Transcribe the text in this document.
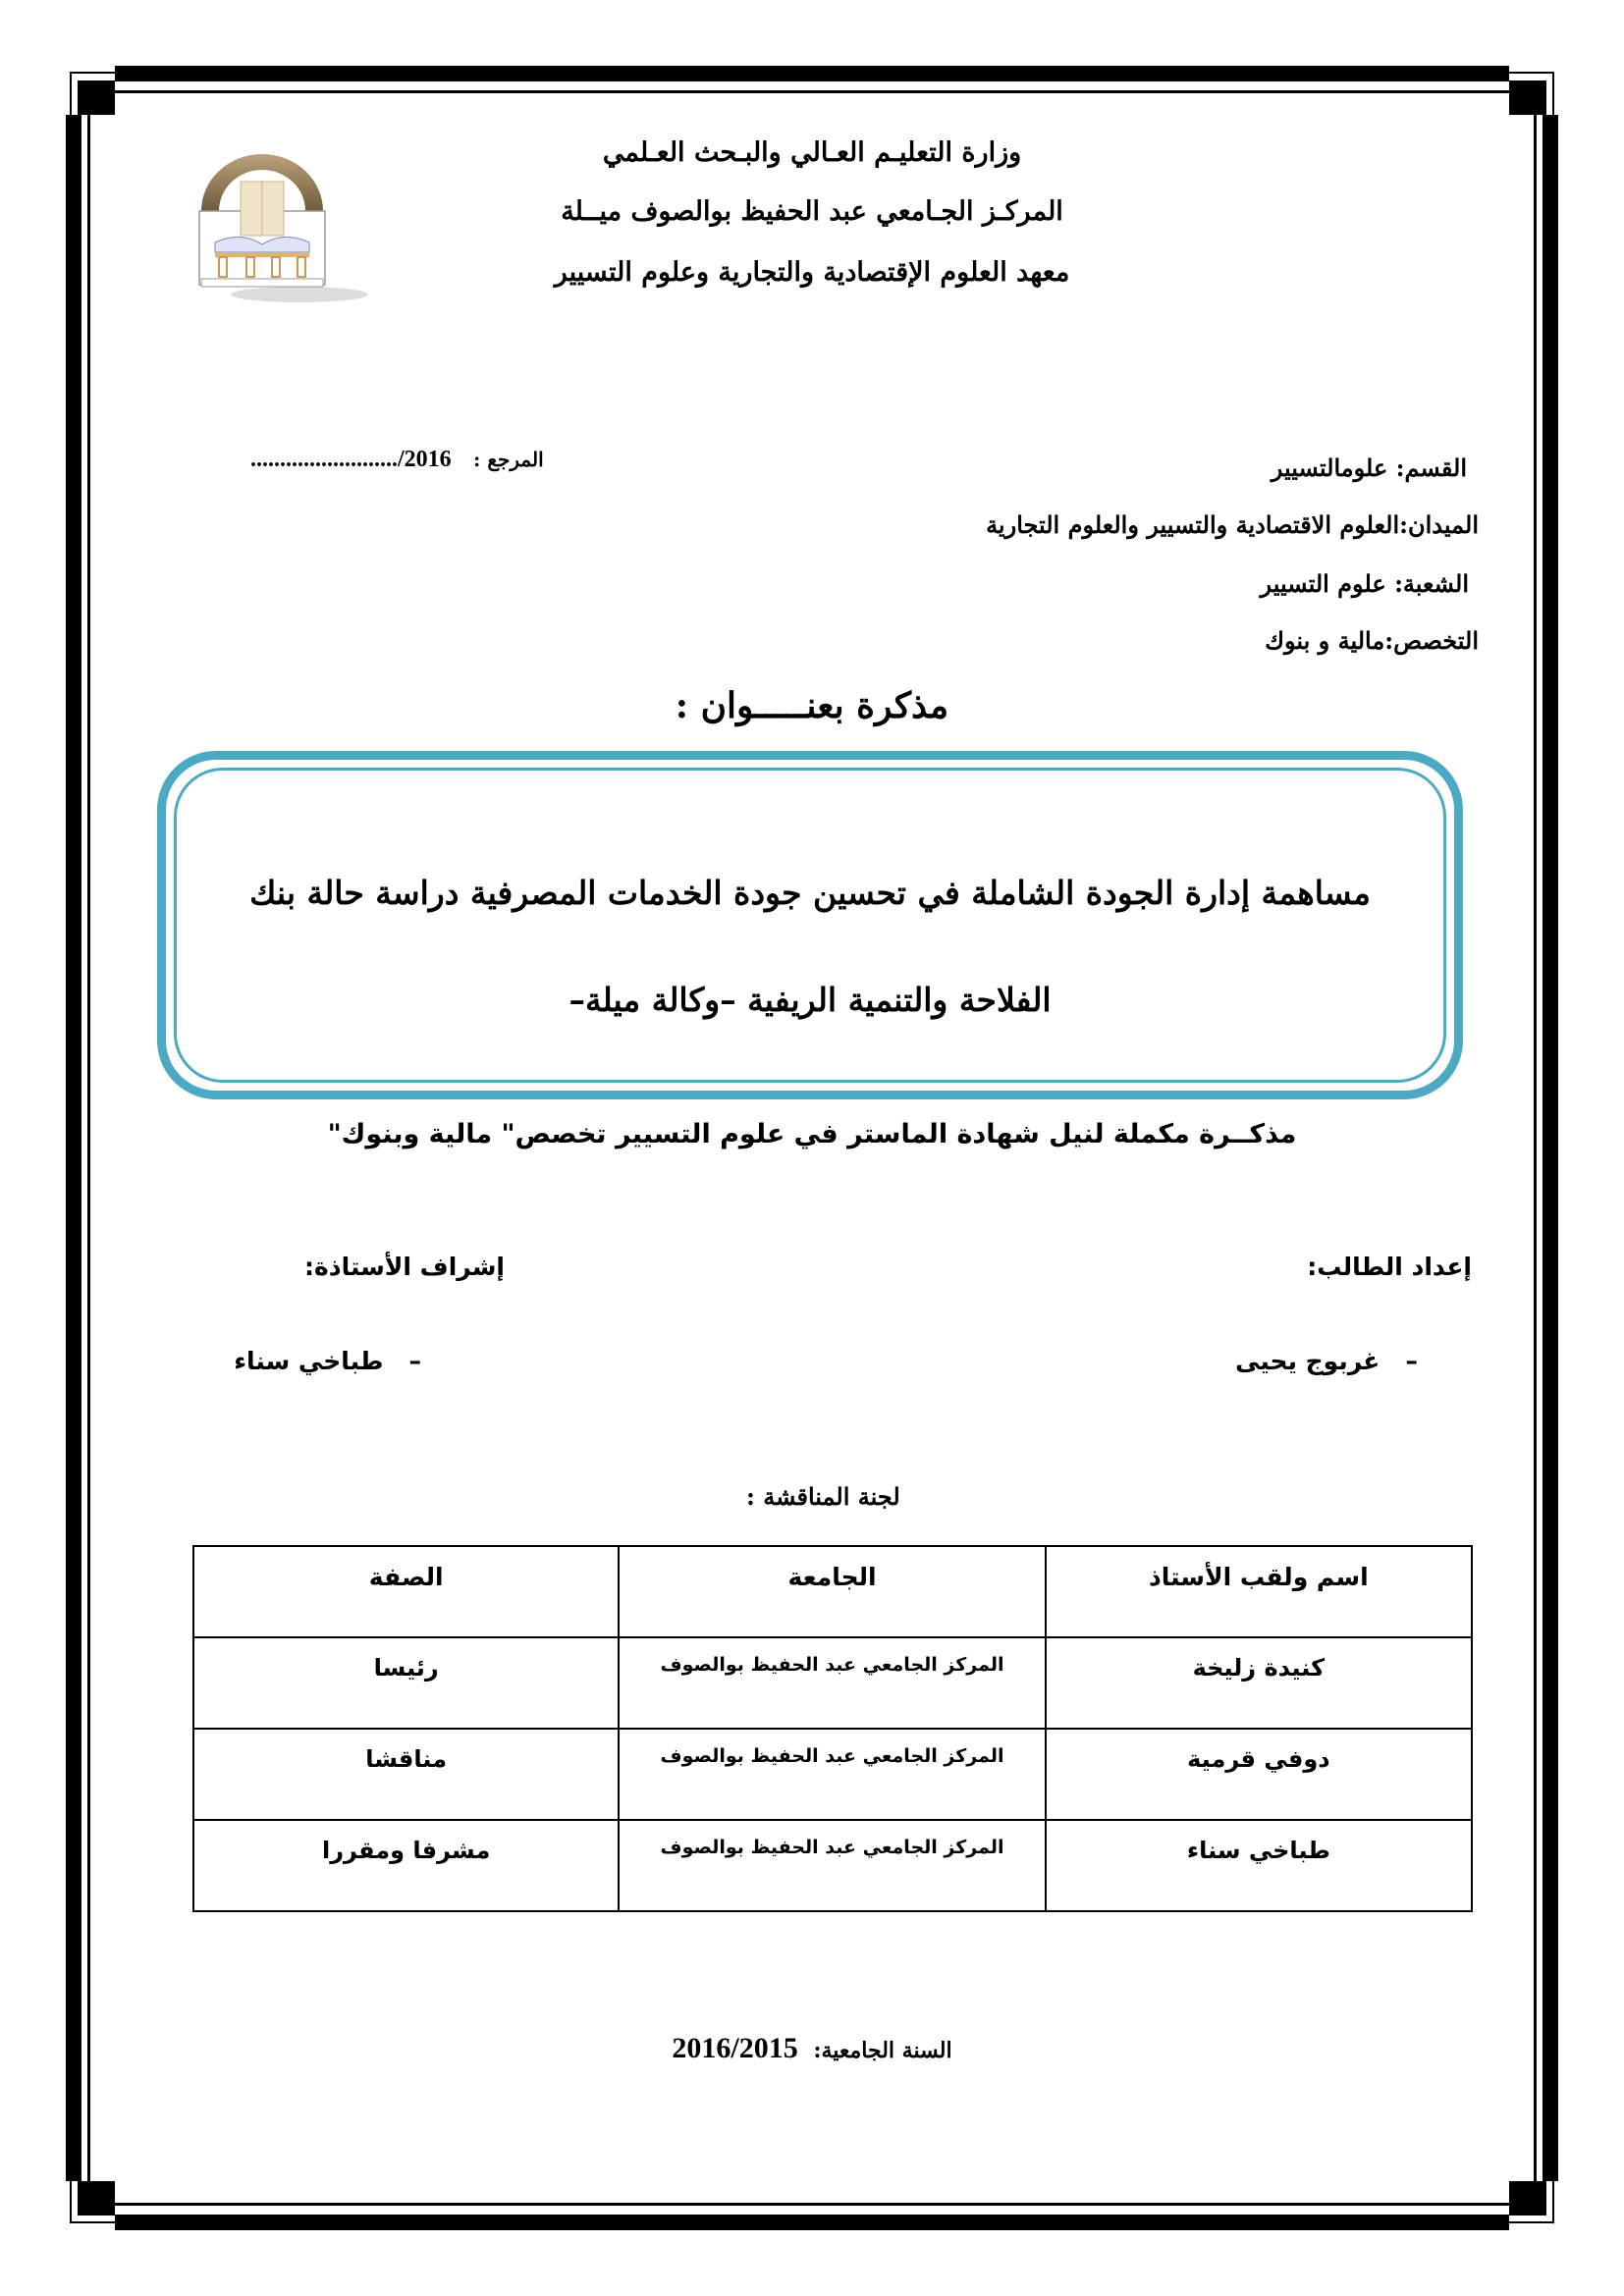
وزارة التعليـم العـالي والبـحث العـلمي
المركـز الجـامعي عبد الحفيظ بوالصوف ميــلة
معهد العلوم الإقتصادية والتجارية وعلوم التسيير
........................./2016 المرجع :	القسم: علومالتسيير
الميدان:العلوم الاقتصادية والتسيير والعلوم التجارية
الشعبة: علوم التسيير
التخصص:مالية و بنوك
مذكرة بعنـــــوان :
مساهمة إدارة الجودة الشاملة في تحسين جودة الخدمات المصرفية دراسة حالة بنك
الفلاحة والتنمية الريفية –وكالة ميلة–
مذكــرة مكملة لنيل شهادة الماستر في علوم التسيير تخصص" مالية وبنوك"
إعداد الطالب:
إشراف الأستاذة:
–   غربوج يحيى
–   طباخي سناء
لجنة المناقشة :
اسم ولقب الأستاذ	الجامعة	الصفة
كنيدة زليخة	المركز الجامعي عبد الحفيظ بوالصوف	رئيسا
دوفي قرمية	المركز الجامعي عبد الحفيظ بوالصوف	مناقشا
طباخي سناء	المركز الجامعي عبد الحفيظ بوالصوف	مشرفا ومقررا
2016/2015 السنة الجامعية:
